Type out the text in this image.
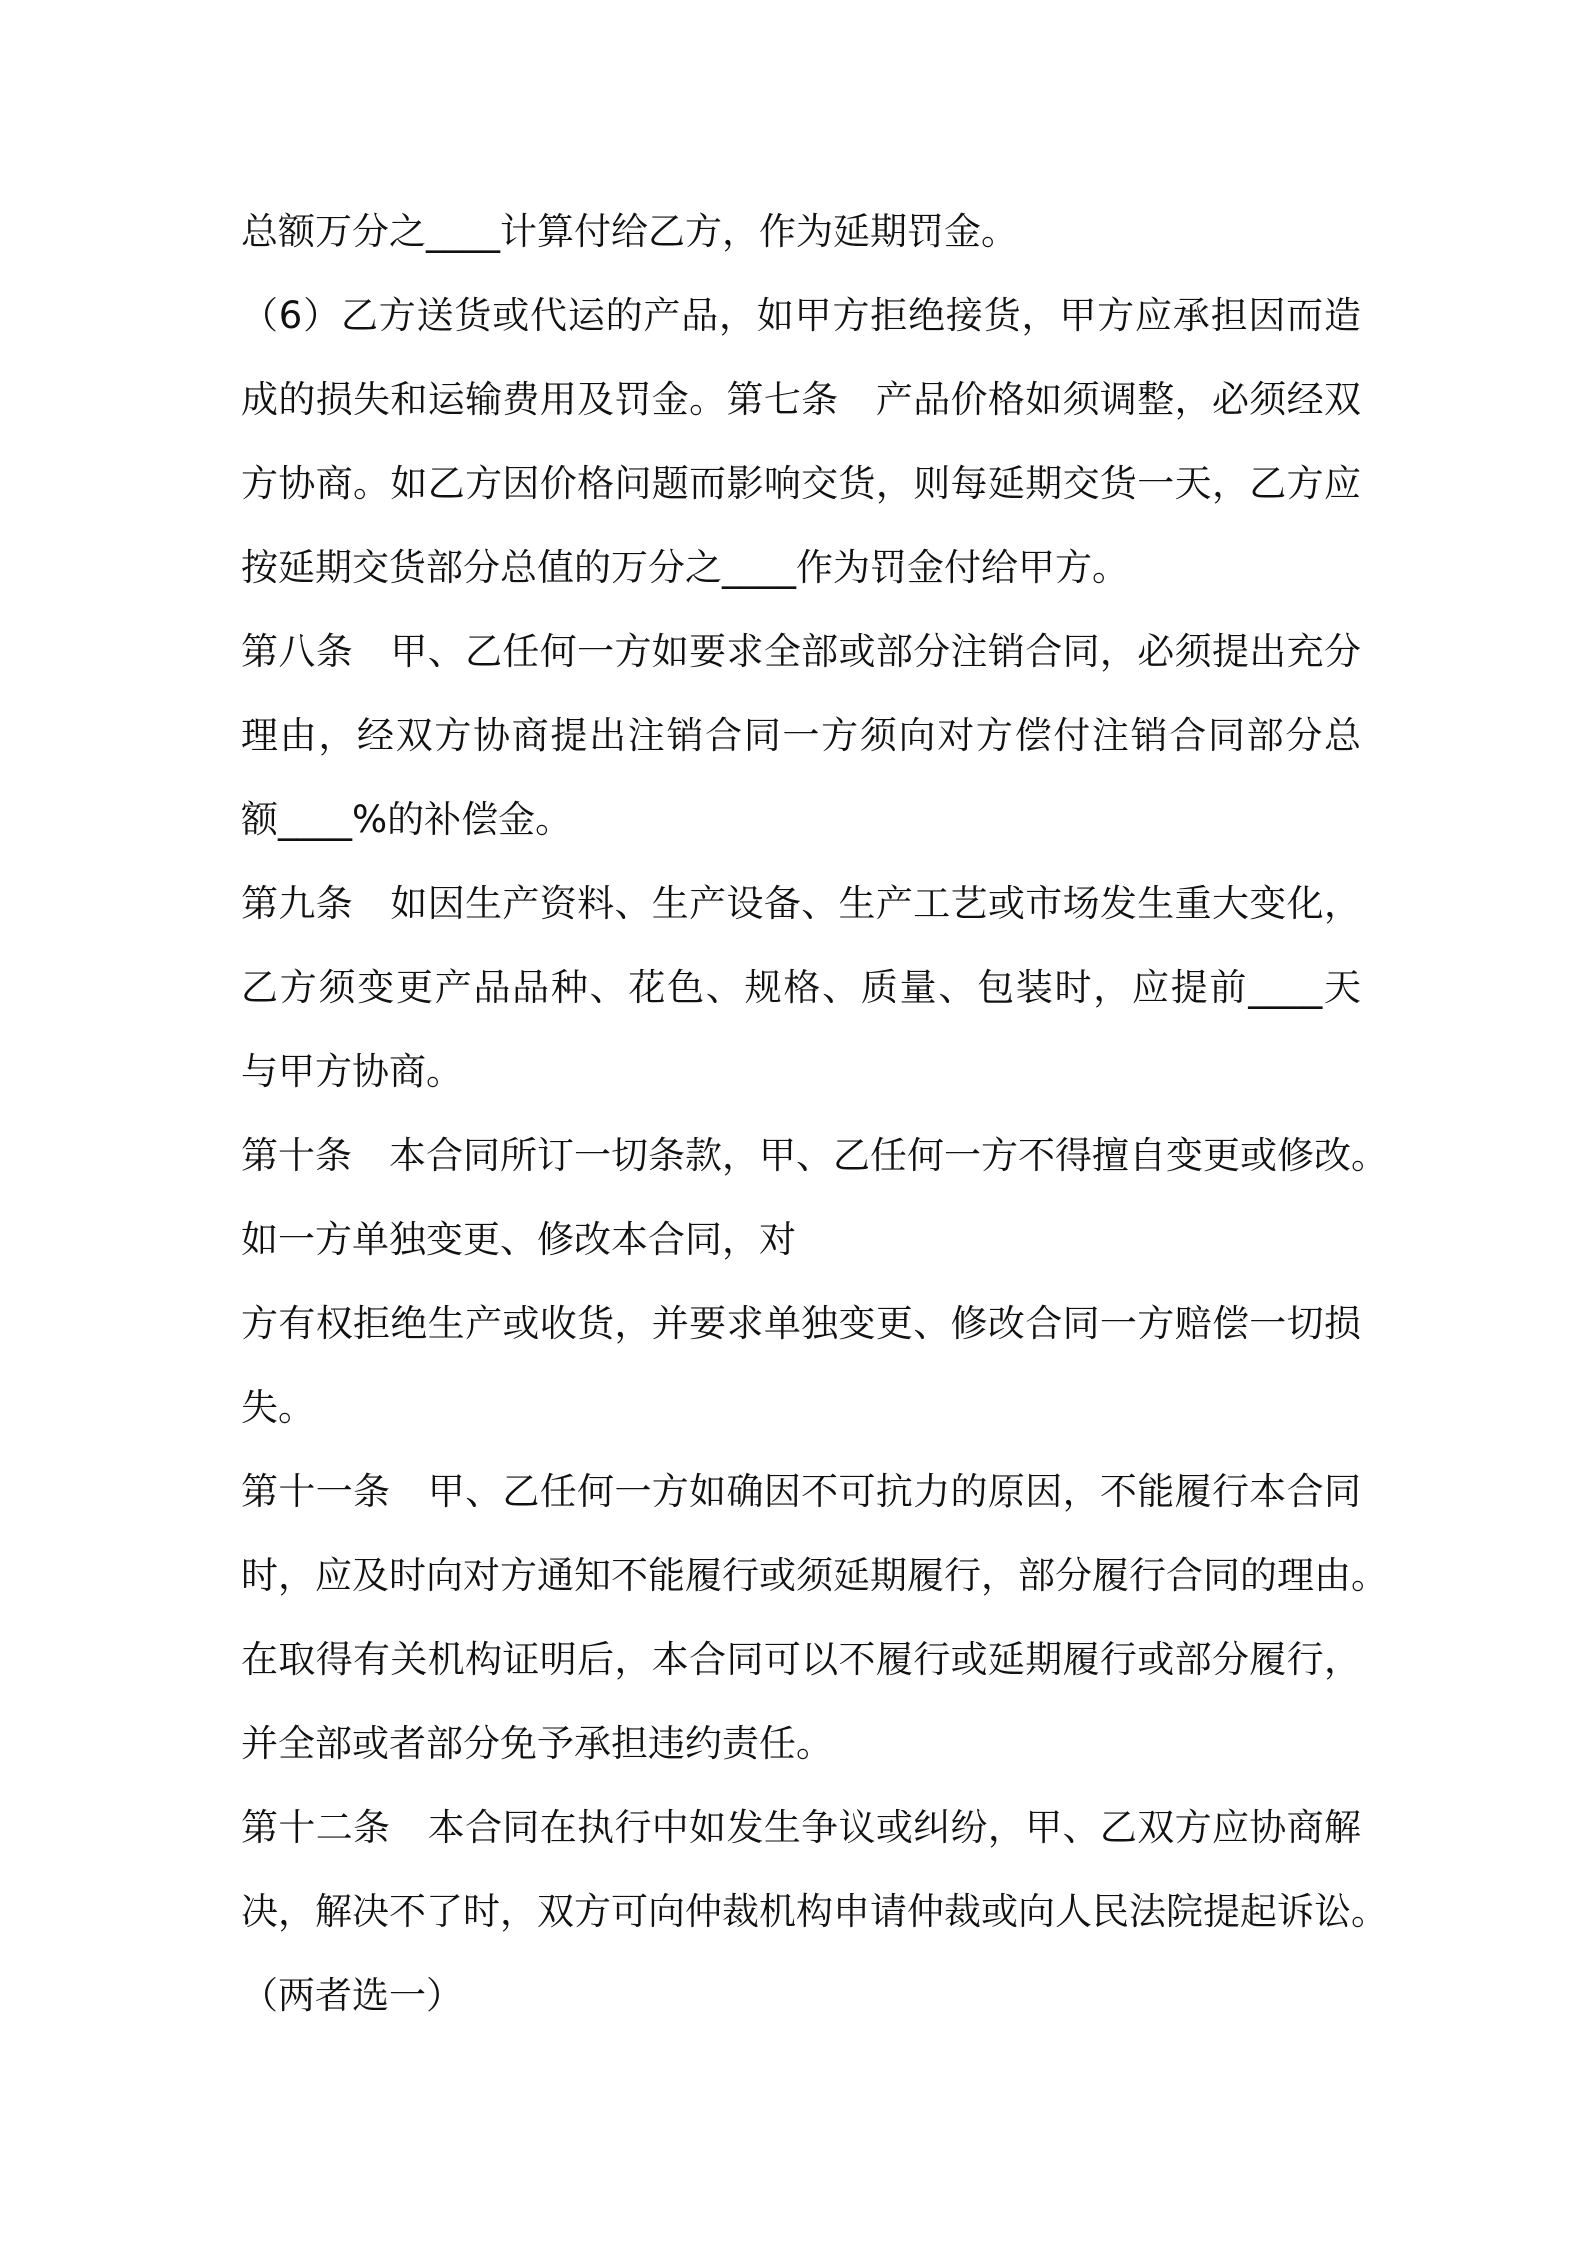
总额万分之____计算付给乙方，作为延期罚金。
（6）乙方送货或代运的产品，如甲方拒绝接货，甲方应承担因而造
成的损失和运输费用及罚金。第七条　产品价格如须调整，必须经双
方协商。如乙方因价格问题而影响交货，则每延期交货一天，乙方应
按延期交货部分总值的万分之____作为罚金付给甲方。
第八条　甲、乙任何一方如要求全部或部分注销合同，必须提出充分
理由，经双方协商提出注销合同一方须向对方偿付注销合同部分总
额____%的补偿金。
第九条　如因生产资料、生产设备、生产工艺或市场发生重大变化，
乙方须变更产品品种、花色、规格、质量、包装时，应提前____天
与甲方协商。
第十条　本合同所订一切条款，甲、乙任何一方不得擅自变更或修改。
如一方单独变更、修改本合同，对
方有权拒绝生产或收货，并要求单独变更、修改合同一方赔偿一切损
失。
第十一条　甲、乙任何一方如确因不可抗力的原因，不能履行本合同
时，应及时向对方通知不能履行或须延期履行，部分履行合同的理由。
在取得有关机构证明后，本合同可以不履行或延期履行或部分履行，
并全部或者部分免予承担违约责任。
第十二条　本合同在执行中如发生争议或纠纷，甲、乙双方应协商解
决，解决不了时，双方可向仲裁机构申请仲裁或向人民法院提起诉讼。
（两者选一）
